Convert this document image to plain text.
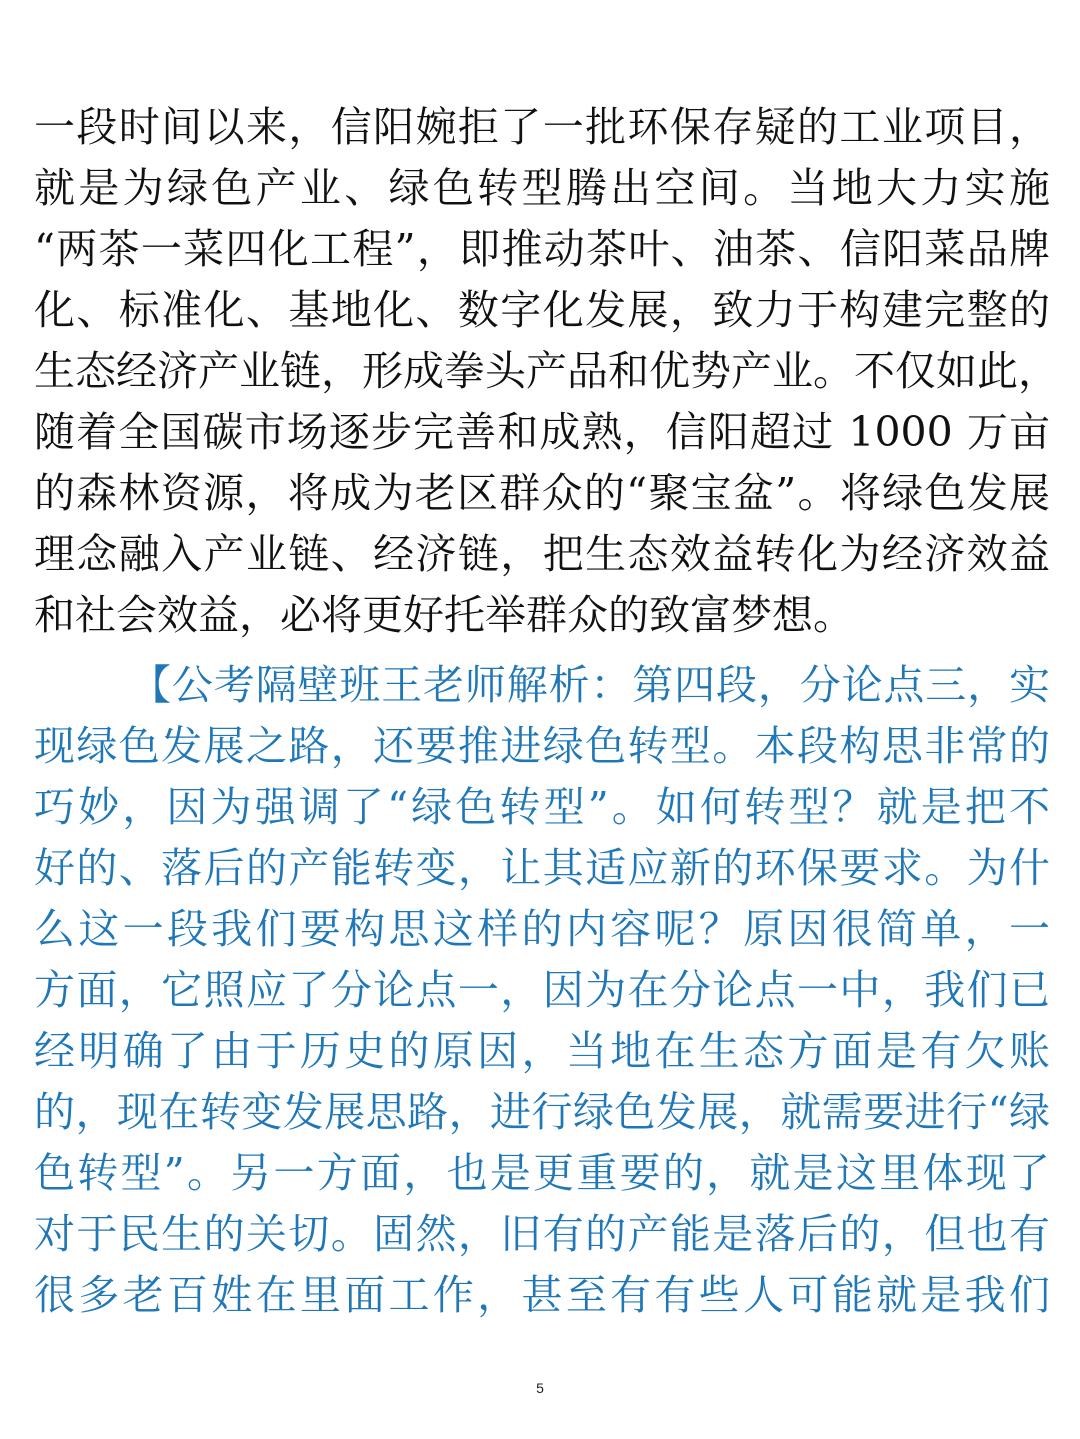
一段时间以来，信阳婉拒了一批环保存疑的工业项目，
就是为绿色产业、绿色转型腾出空间。当地大力实施
“两茶一菜四化工程”，即推动茶叶、油茶、信阳菜品牌
化、标准化、基地化、数字化发展，致力于构建完整的
生态经济产业链，形成拳头产品和优势产业。不仅如此，
随着全国碳市场逐步完善和成熟，信阳超过 1000 万亩
的森林资源，将成为老区群众的“聚宝盆”。将绿色发展
理念融入产业链、经济链，把生态效益转化为经济效益
和社会效益，必将更好托举群众的致富梦想。
【公考隔壁班王老师解析：第四段，分论点三，实
现绿色发展之路，还要推进绿色转型。本段构思非常的
巧妙，因为强调了“绿色转型”。如何转型？就是把不
好的、落后的产能转变，让其适应新的环保要求。为什
么这一段我们要构思这样的内容呢？原因很简单，一
方面，它照应了分论点一，因为在分论点一中，我们已
经明确了由于历史的原因，当地在生态方面是有欠账
的，现在转变发展思路，进行绿色发展，就需要进行“绿
色转型”。另一方面，也是更重要的，就是这里体现了
对于民生的关切。固然，旧有的产能是落后的，但也有
很多老百姓在里面工作，甚至有有些人可能就是我们
5
